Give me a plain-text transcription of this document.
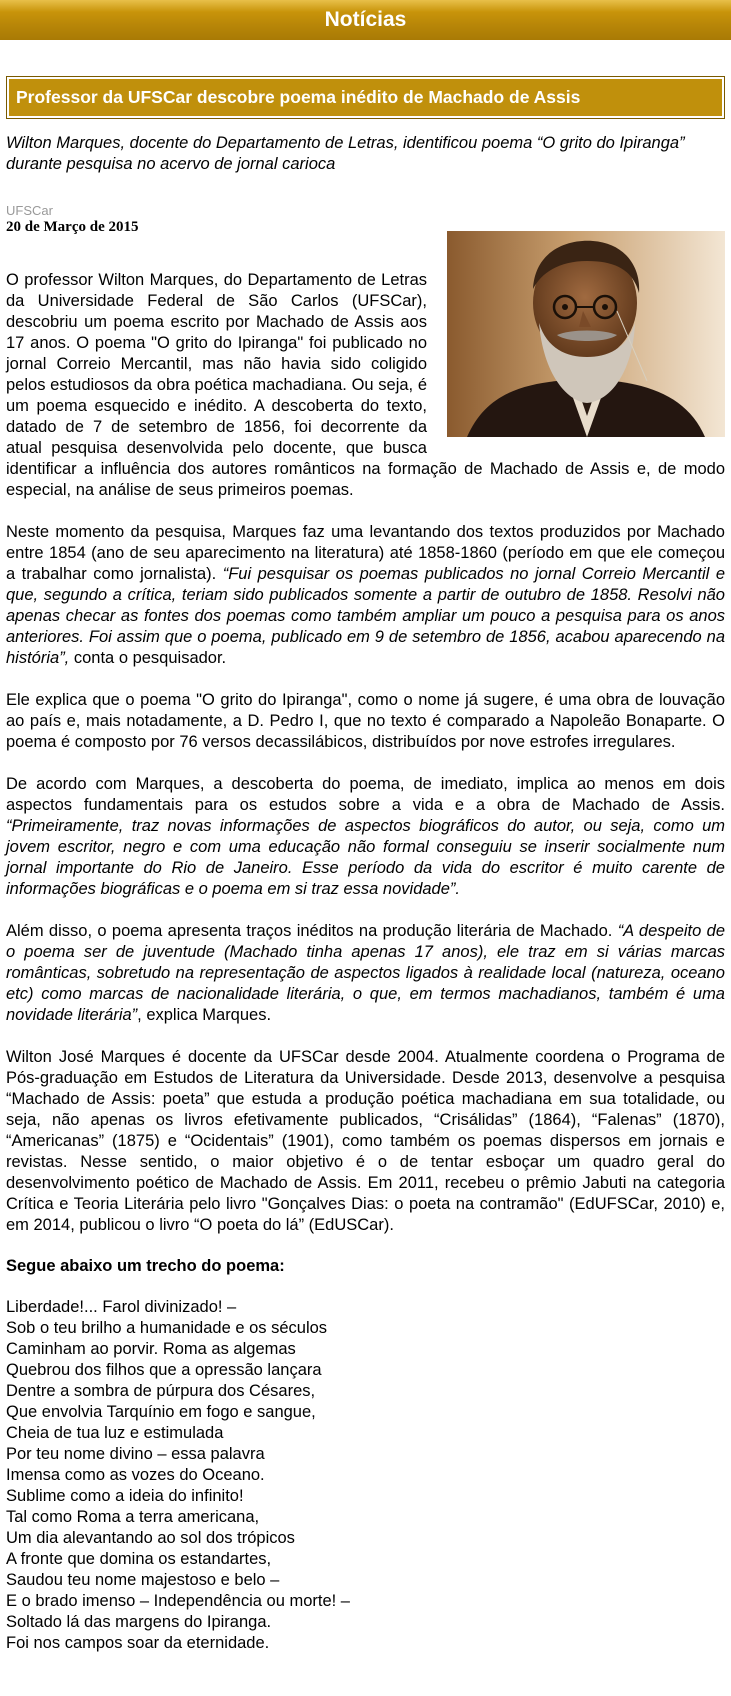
Notícias
Professor da UFSCar descobre poema inédito de Machado de Assis
Wilton Marques, docente do Departamento de Letras, identificou poema “O grito do Ipiranga” durante pesquisa no acervo de jornal carioca
UFSCar
20 de Março de 2015

O professor Wilton Marques, do Departamento de Letras da Universidade Federal de São Carlos (UFSCar), descobriu um poema escrito por Machado de Assis aos 17 anos. O poema "O grito do Ipiranga" foi publicado no jornal Correio Mercantil, mas não havia sido coligido pelos estudiosos da obra poética machadiana. Ou seja, é um poema esquecido e inédito. A descoberta do texto, datado de 7 de setembro de 1856, foi decorrente da atual pesquisa desenvolvida pelo docente, que busca identificar a influência dos autores românticos na formação de Machado de Assis e, de modo especial, na análise de seus primeiros poemas.

Neste momento da pesquisa, Marques faz uma levantando dos textos produzidos por Machado entre 1854 (ano de seu aparecimento na literatura) até 1858-1860 (período em que ele começou a trabalhar como jornalista). “Fui pesquisar os poemas publicados no jornal Correio Mercantil e que, segundo a crítica, teriam sido publicados somente a partir de outubro de 1858. Resolvi não apenas checar as fontes dos poemas como também ampliar um pouco a pesquisa para os anos anteriores. Foi assim que o poema, publicado em 9 de setembro de 1856, acabou aparecendo na história”, conta o pesquisador.

Ele explica que o poema "O grito do Ipiranga", como o nome já sugere, é uma obra de louvação ao país e, mais notadamente, a D. Pedro I, que no texto é comparado a Napoleão Bonaparte. O poema é composto por 76 versos decassilábicos, distribuídos por nove estrofes irregulares.

De acordo com Marques, a descoberta do poema, de imediato, implica ao menos em dois aspectos fundamentais para os estudos sobre a vida e a obra de Machado de Assis. “Primeiramente, traz novas informações de aspectos biográficos do autor, ou seja, como um jovem escritor, negro e com uma educação não formal conseguiu se inserir socialmente num jornal importante do Rio de Janeiro. Esse período da vida do escritor é muito carente de informações biográficas e o poema em si traz essa novidade”.

Além disso, o poema apresenta traços inéditos na produção literária de Machado. “A despeito de o poema ser de juventude (Machado tinha apenas 17 anos), ele traz em si várias marcas românticas, sobretudo na representação de aspectos ligados à realidade local (natureza, oceano etc) como marcas de nacionalidade literária, o que, em termos machadianos, também é uma novidade literária”, explica Marques.

Wilton José Marques é docente da UFSCar desde 2004. Atualmente coordena o Programa de Pós-graduação em Estudos de Literatura da Universidade. Desde 2013, desenvolve a pesquisa “Machado de Assis: poeta” que estuda a produção poética machadiana em sua totalidade, ou seja, não apenas os livros efetivamente publicados, “Crisálidas” (1864), “Falenas” (1870), “Americanas” (1875) e “Ocidentais” (1901), como também os poemas dispersos em jornais e revistas. Nesse sentido, o maior objetivo é o de tentar esboçar um quadro geral do desenvolvimento poético de Machado de Assis. Em 2011, recebeu o prêmio Jabuti na categoria Crítica e Teoria Literária pelo livro "Gonçalves Dias: o poeta na contramão" (EdUFSCar, 2010) e, em 2014, publicou o livro “O poeta do lá” (EdUSCar).

Segue abaixo um trecho do poema:
Liberdade!... Farol divinizado! –
Sob o teu brilho a humanidade e os séculos
Caminham ao porvir. Roma as algemas
Quebrou dos filhos que a opressão lançara
Dentre a sombra de púrpura dos Césares,
Que envolvia Tarquínio em fogo e sangue,
Cheia de tua luz e estimulada
Por teu nome divino – essa palavra
Imensa como as vozes do Oceano.
Sublime como a ideia do infinito!
Tal como Roma a terra americana,
Um dia alevantando ao sol dos trópicos
A fronte que domina os estandartes,
Saudou teu nome majestoso e belo –
E o brado imenso – Independência ou morte! –
Soltado lá das margens do Ipiranga.
Foi nos campos soar da eternidade.
